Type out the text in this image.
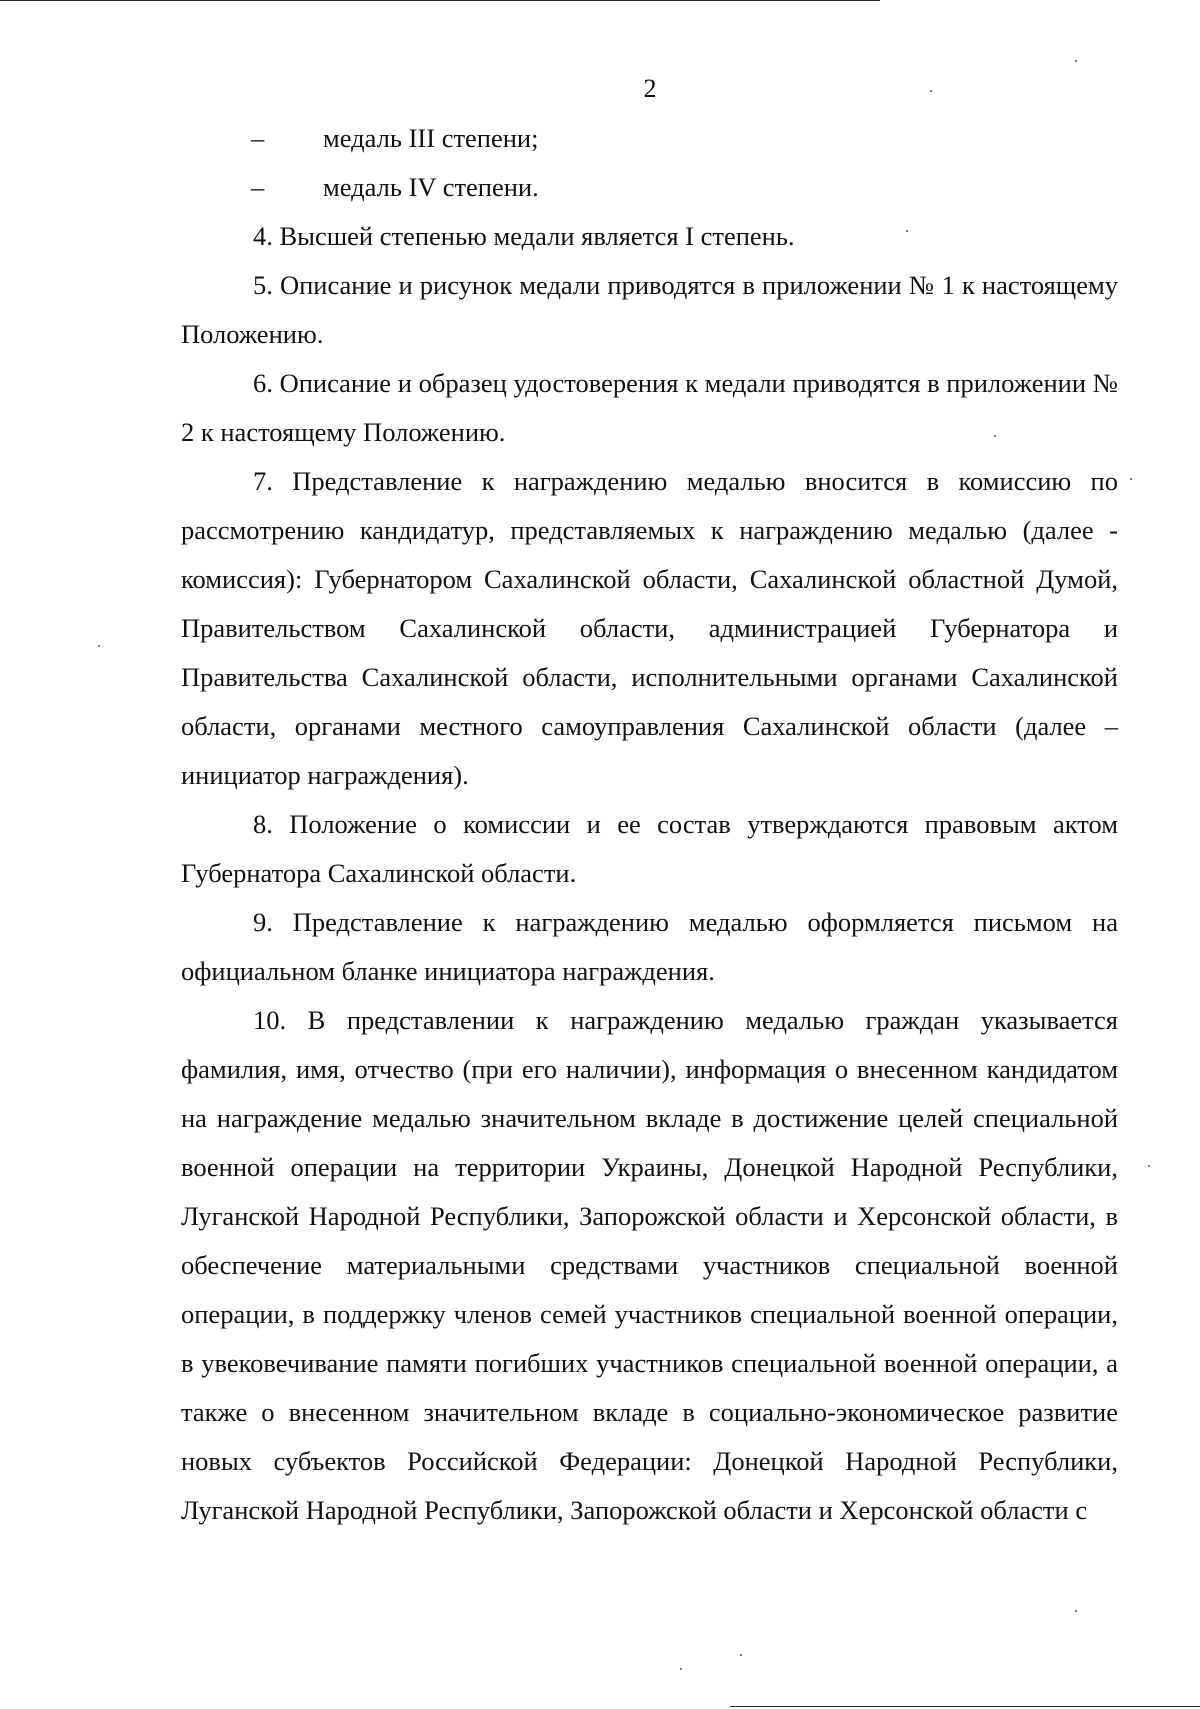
2
– медаль III степени;
– медаль IV степени.

4. Высшей степенью медали является I степень.

5. Описание и рисунок медали приводятся в приложении № 1 к настоящему Положению.

6. Описание и образец удостоверения к медали приводятся в приложении № 2 к настоящему Положению.

7. Представление к награждению медалью вносится в комиссию по рассмотрению кандидатур, представляемых к награждению медалью (далее - комиссия): Губернатором Сахалинской области, Сахалинской областной Думой, Правительством Сахалинской области, администрацией Губернатора и Правительства Сахалинской области, исполнительными органами Сахалинской области, органами местного самоуправления Сахалинской области (далее – инициатор награждения).

8. Положение о комиссии и ее состав утверждаются правовым актом Губернатора Сахалинской области.

9. Представление к награждению медалью оформляется письмом на официальном бланке инициатора награждения.

10. В представлении к награждению медалью граждан указывается фамилия, имя, отчество (при его наличии), информация о внесенном кандидатом на награждение медалью значительном вкладе в достижение целей специальной военной операции на территории Украины, Донецкой Народной Республики, Луганской Народной Республики, Запорожской области и Херсонской области, в обеспечение материальными средствами участников специальной военной операции, в поддержку членов семей участников специальной военной операции, в увековечивание памяти погибших участников специальной военной операции, а также о внесенном значительном вкладе в социально-экономическое развитие новых субъектов Российской Федерации: Донецкой Народной Республики, Луганской Народной Республики, Запорожской области и Херсонской области с
